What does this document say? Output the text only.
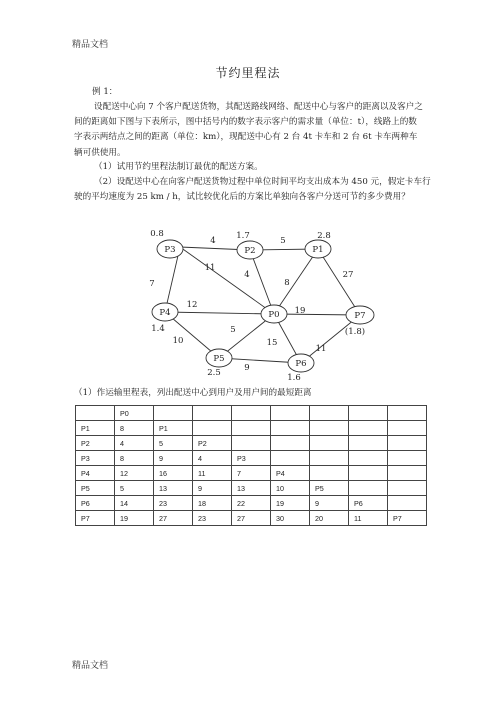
精品文档
节约里程法
例 1：

设配送中心向 7 个客户配送货物，其配送路线网络、配送中心与客户的距离以及客户之间的距离如下图与下表所示，图中括号内的数字表示客户的需求量（单位：t），线路上的数字表示两结点之间的距离（单位：km），现配送中心有 2 台 4t 卡车和 2 台 6t 卡车两种车辆可供使用。

（1）试用节约里程法制订最优的配送方案。

（2）设配送中心在向客户配送货物过程中单位时间平均支出成本为 450 元，假定卡车行驶的平均速度为 25 km / h，试比较优化后的方案比单独向各客户分送可节约多少费用？

4	5
11
4
8
27
7
12
19
5
15
10
9
11
P3	P2	P1
P7
P4	P0
P5	P6
0.8	1.7	2.8
(1.8)
1.4
2.5	1.6
（1）作运输里程表，列出配送中心到用户及用户间的最短距离
	P0							
P1	8	P1						
P2	4	5	P2					
P3	8	9	4	P3				
P4	12	16	11	7	P4			
P5	5	13	9	13	10	P5		
P6	14	23	18	22	19	9	P6	
P7	19	27	23	27	30	20	11	P7
精品文档
